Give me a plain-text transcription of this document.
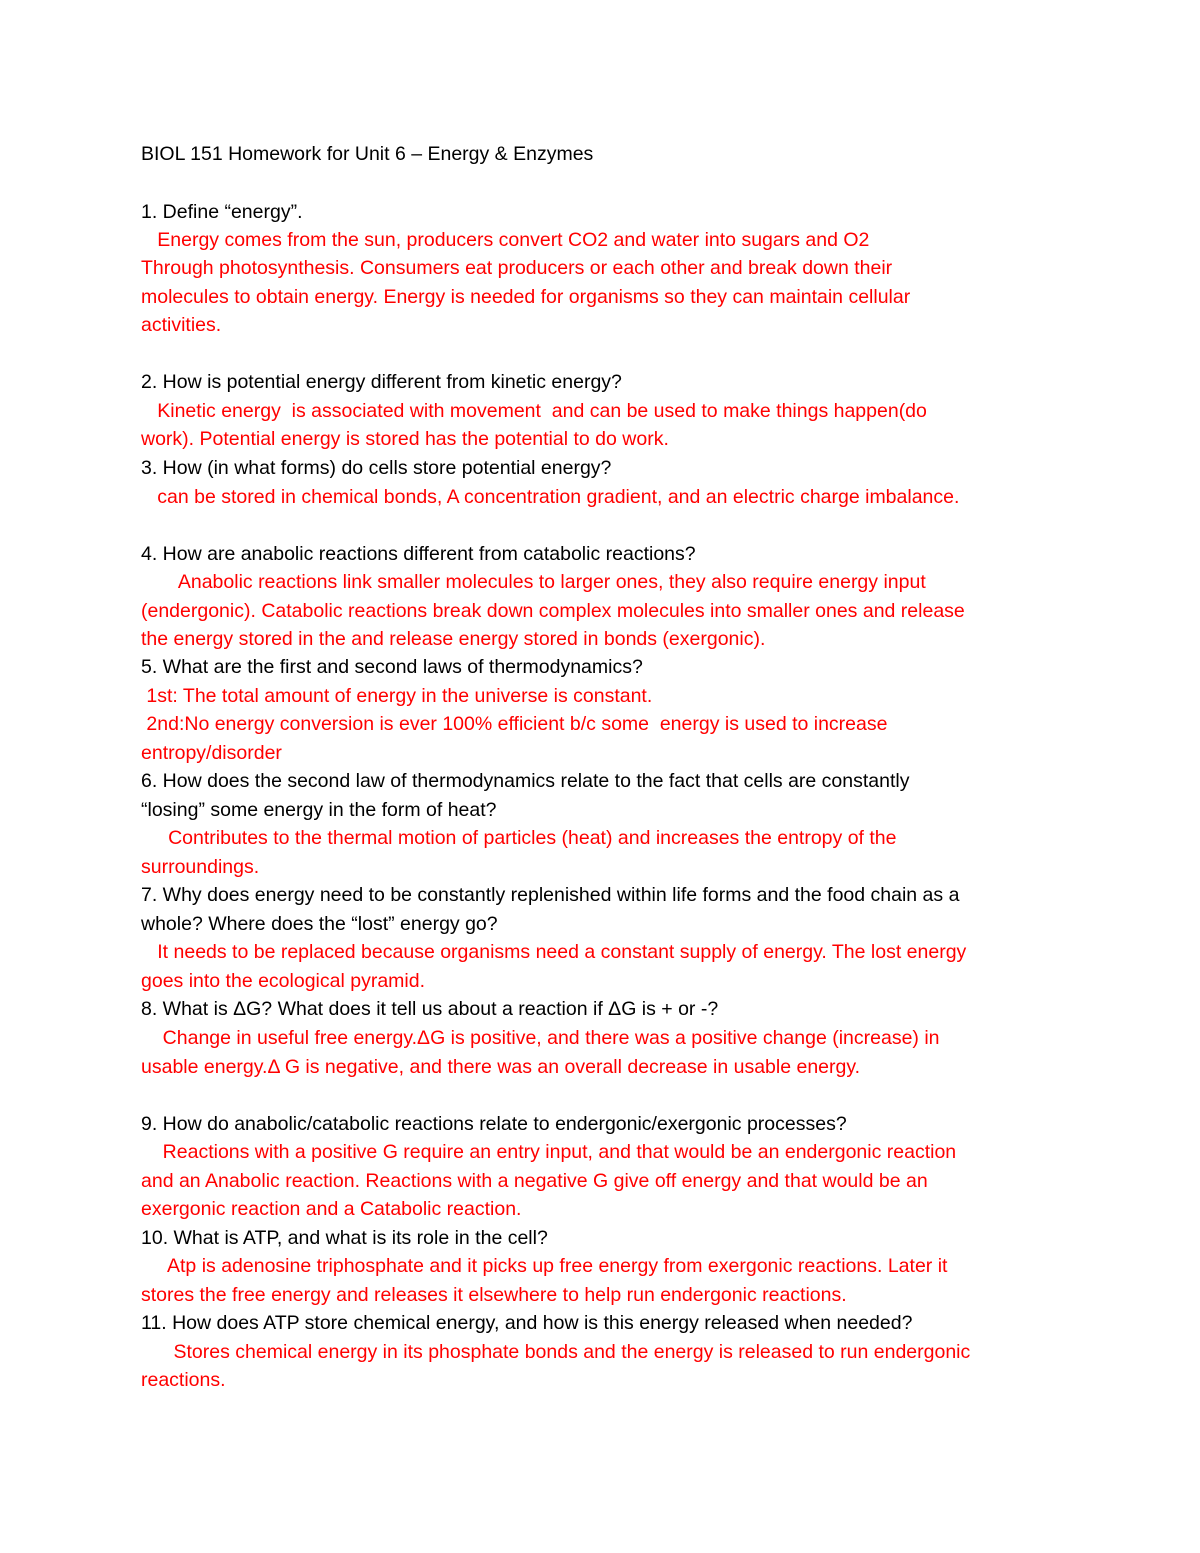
BIOL 151 Homework for Unit 6 – Energy & Enzymes

1. Define “energy”.

Energy comes from the sun, producers convert CO2 and water into sugars and O2

Through photosynthesis. Consumers eat producers or each other and break down their

molecules to obtain energy. Energy is needed for organisms so they can maintain cellular

activities.

2. How is potential energy different from kinetic energy?

Kinetic energy  is associated with movement  and can be used to make things happen(do

work). Potential energy is stored has the potential to do work.

3. How (in what forms) do cells store potential energy?

can be stored in chemical bonds, A concentration gradient, and an electric charge imbalance.

4. How are anabolic reactions different from catabolic reactions?

Anabolic reactions link smaller molecules to larger ones, they also require energy input

(endergonic). Catabolic reactions break down complex molecules into smaller ones and release

the energy stored in the and release energy stored in bonds (exergonic).

5. What are the first and second laws of thermodynamics?

1st: The total amount of energy in the universe is constant.

2nd:No energy conversion is ever 100% efficient b/c some  energy is used to increase

entropy/disorder

6. How does the second law of thermodynamics relate to the fact that cells are constantly

“losing” some energy in the form of heat?

Contributes to the thermal motion of particles (heat) and increases the entropy of the

surroundings.

7. Why does energy need to be constantly replenished within life forms and the food chain as a

whole? Where does the “lost” energy go?

It needs to be replaced because organisms need a constant supply of energy. The lost energy

goes into the ecological pyramid.

8. What is ΔG? What does it tell us about a reaction if ΔG is + or -?

Change in useful free energy.ΔG is positive, and there was a positive change (increase) in

usable energy.Δ G is negative, and there was an overall decrease in usable energy.

9. How do anabolic/catabolic reactions relate to endergonic/exergonic processes?

Reactions with a positive G require an entry input, and that would be an endergonic reaction

and an Anabolic reaction. Reactions with a negative G give off energy and that would be an

exergonic reaction and a Catabolic reaction.

10. What is ATP, and what is its role in the cell?

Atp is adenosine triphosphate and it picks up free energy from exergonic reactions. Later it

stores the free energy and releases it elsewhere to help run endergonic reactions.

11. How does ATP store chemical energy, and how is this energy released when needed?

Stores chemical energy in its phosphate bonds and the energy is released to run endergonic

reactions.
